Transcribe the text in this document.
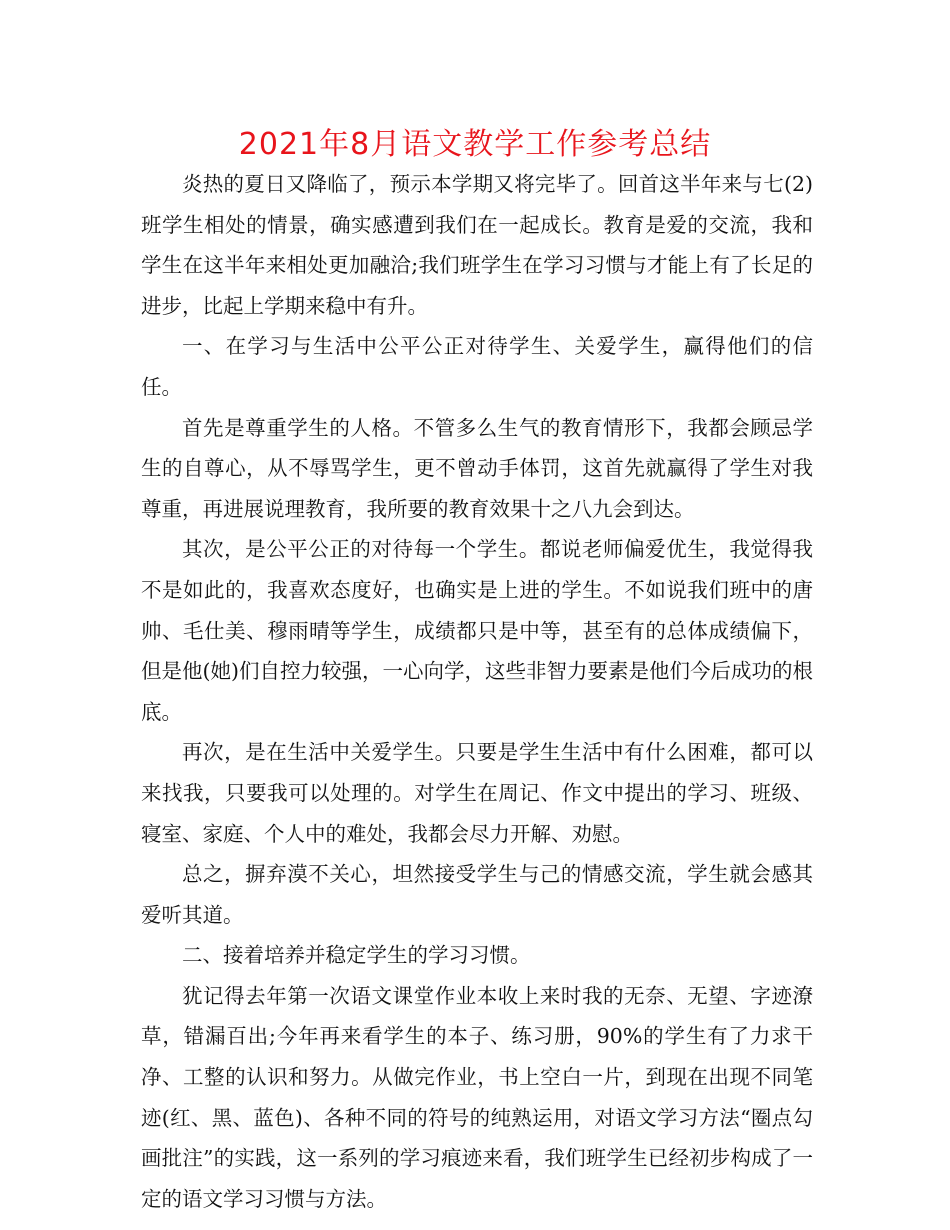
2021年8月语文教学工作参考总结

炎热的夏日又降临了，预示本学期又将完毕了。回首这半年来与七(2)班学生相处的情景，确实感遭到我们在一起成长。教育是爱的交流，我和学生在这半年来相处更加融洽;我们班学生在学习习惯与才能上有了长足的进步，比起上学期来稳中有升。

一、在学习与生活中公平公正对待学生、关爱学生，赢得他们的信任。

首先是尊重学生的人格。不管多么生气的教育情形下，我都会顾忌学生的自尊心，从不辱骂学生，更不曾动手体罚，这首先就赢得了学生对我尊重，再进展说理教育，我所要的教育效果十之八九会到达。

其次，是公平公正的对待每一个学生。都说老师偏爱优生，我觉得我不是如此的，我喜欢态度好，也确实是上进的学生。不如说我们班中的唐帅、毛仕美、穆雨晴等学生，成绩都只是中等，甚至有的总体成绩偏下，但是他(她)们自控力较强，一心向学，这些非智力要素是他们今后成功的根底。

再次，是在生活中关爱学生。只要是学生生活中有什么困难，都可以来找我，只要我可以处理的。对学生在周记、作文中提出的学习、班级、寝室、家庭、个人中的难处，我都会尽力开解、劝慰。

总之，摒弃漠不关心，坦然接受学生与己的情感交流，学生就会感其爱听其道。

二、接着培养并稳定学生的学习习惯。

犹记得去年第一次语文课堂作业本收上来时我的无奈、无望、字迹潦草，错漏百出;今年再来看学生的本子、练习册，90%的学生有了力求干净、工整的认识和努力。从做完作业，书上空白一片，到现在出现不同笔迹(红、黑、蓝色)、各种不同的符号的纯熟运用，对语文学习方法“圈点勾画批注”的实践，这一系列的学习痕迹来看，我们班学生已经初步构成了一定的语文学习习惯与方法。
